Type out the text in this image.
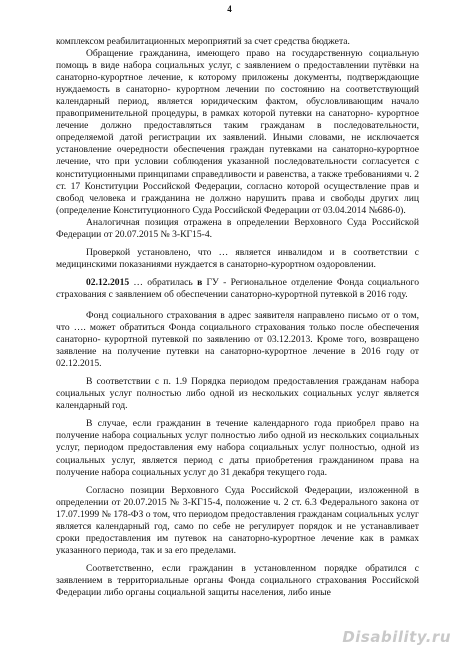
4

комплексом реабилитационных мероприятий за счет средства бюджета.

Обращение гражданина, имеющего право на государственную социальную помощь в виде набора социальных услуг, с заявлением о предоставлении путёвки на санаторно-курортное лечение, к которому приложены документы, подтверждающие нуждаемость в санаторно- курортном лечении по состоянию на соответствующий календарный период, является юридическим фактом, обусловливающим начало правоприменительной процедуры, в рамках которой путевки на санаторно- курортное лечение должно предоставляться таким гражданам в последовательности, определяемой датой регистрации их заявлений. Иными словами, не исключается установление очередности обеспечения граждан путевками на санаторно-курортное лечение, что при условии соблюдения указанной последовательности согласуется с конституционными принципами справедливости и равенства, а также требованиями ч. 2 ст. 17 Конституции Российской Федерации, согласно которой осуществление прав и свобод человека и гражданина не должно нарушить права и свободы других лиц (определение Конституционного Суда Российской Федерации от 03.04.2014 №686-0).

Аналогичная позиция отражена в определении Верховного Суда Российской Федерации от 20.07.2015 № 3-КГ15-4.

Проверкой установлено, что … является инвалидом и в соответствии с медицинскими показаниями нуждается в санаторно-курортном оздоровлении.

02.12.2015 … обратилась в ГУ - Региональное отделение Фонда социального страхования с заявлением об обеспечении санаторно-курортной путевкой в 2016 году.

Фонд социального страхования в адрес заявителя направлено письмо от о том, что …. может обратиться Фонда социального страхования только после обеспечения санаторно- курортной путевкой по заявлению от 03.12.2013. Кроме того, возвращено заявление на получение путевки на санаторно-курортное лечение в 2016 году от 02.12.2015.

В соответствии с п. 1.9 Порядка периодом предоставления гражданам набора социальных услуг полностью либо одной из нескольких социальных услуг является календарный год.

В случае, если гражданин в течение календарного года приобрел право на получение набора социальных услуг полностью либо одной из нескольких социальных услуг, периодом предоставления ему набора социальных услуг полностью, одной из социальных услуг, является период с даты приобретения гражданином права на получение набора социальных услуг до 31 декабря текущего года.

Согласно позиции Верховного Суда Российской Федерации, изложенной в определении от 20.07.2015 № 3-КГ15-4, положение ч. 2 ст. 6.3 Федерального закона от 17.07.1999 № 178-ФЗ о том, что периодом предоставления гражданам социальных услуг является календарный год, само по себе не регулирует порядок и не устанавливает сроки предоставления им путевок на санаторно-курортное лечение как в рамках указанного периода, так и за его пределами.

Соответственно, если гражданин в установленном порядке обратился с заявлением в территориальные органы Фонда социального страхования Российской Федерации либо органы социальной защиты населения, либо иные

Disability.ru
